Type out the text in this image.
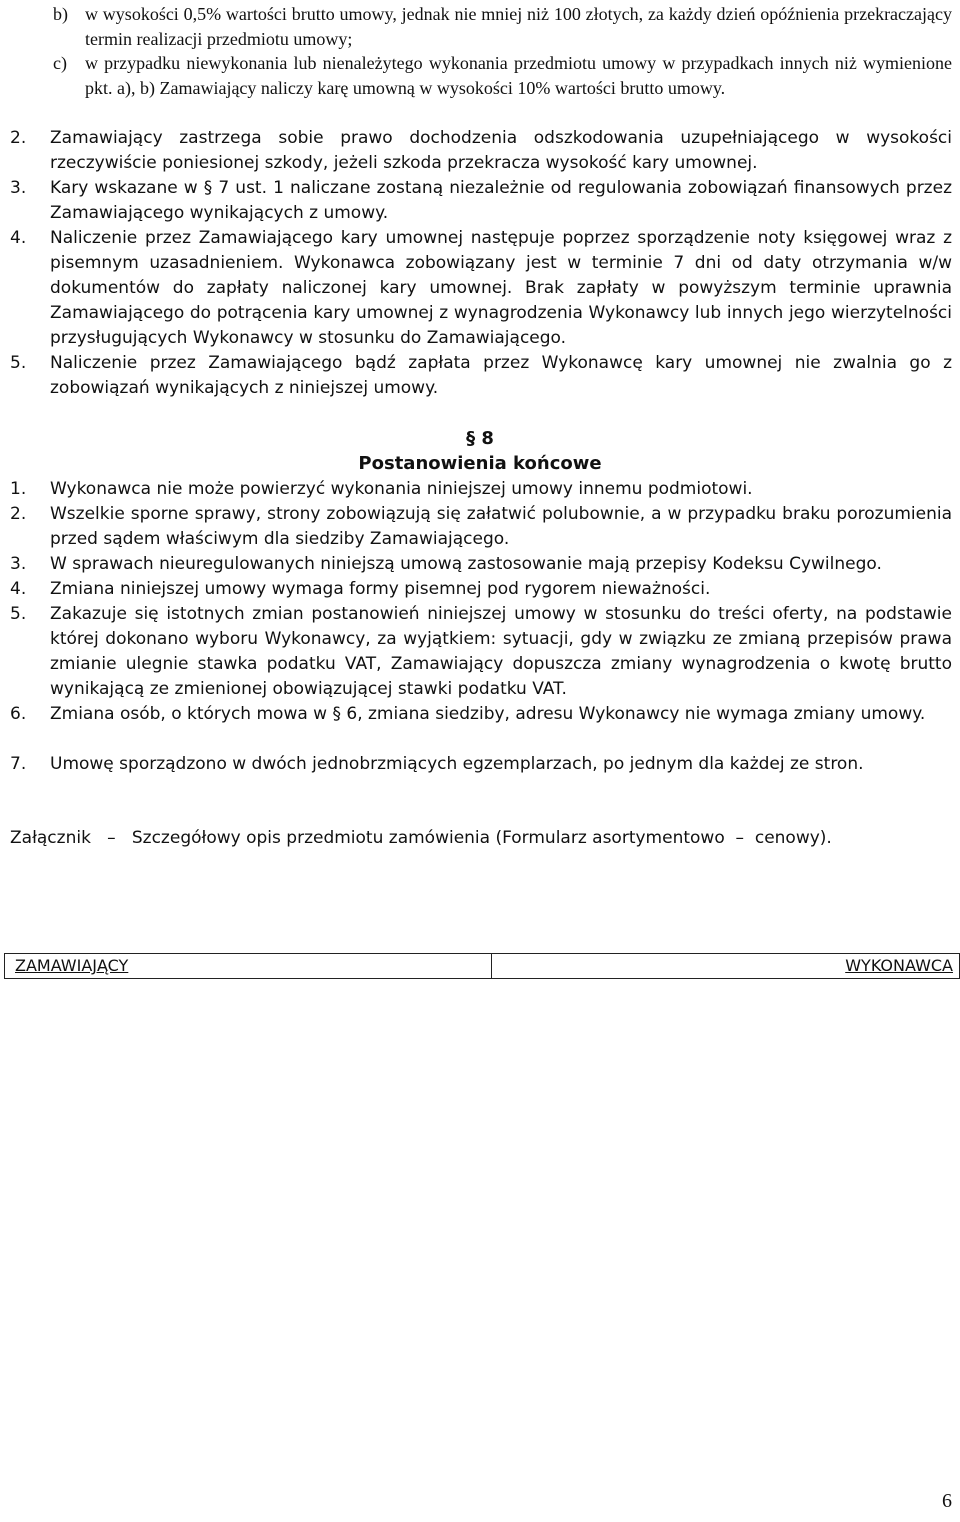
b) w wysokości 0,5% wartości brutto umowy, jednak nie mniej niż 100 złotych, za każdy dzień opóźnienia przekraczający termin realizacji przedmiotu umowy;
c) w przypadku niewykonania lub nienależytego wykonania przedmiotu umowy w przypadkach innych niż wymienione pkt. a), b) Zamawiający naliczy karę umowną w wysokości 10% wartości brutto umowy.
2. Zamawiający zastrzega sobie prawo dochodzenia odszkodowania uzupełniającego w wysokości rzeczywiście poniesionej szkody, jeżeli szkoda przekracza wysokość kary umownej.
3. Kary wskazane w § 7 ust. 1 naliczane zostaną niezależnie od regulowania zobowiązań finansowych przez Zamawiającego wynikających z umowy.
4. Naliczenie przez Zamawiającego kary umownej następuje poprzez sporządzenie noty księgowej wraz z pisemnym uzasadnieniem. Wykonawca zobowiązany jest w terminie 7 dni od daty otrzymania w/w dokumentów do zapłaty naliczonej kary umownej. Brak zapłaty w powyższym terminie uprawnia Zamawiającego do potrącenia kary umownej z wynagrodzenia Wykonawcy lub innych jego wierzytelności przysługujących Wykonawcy w stosunku do Zamawiającego.
5. Naliczenie przez Zamawiającego bądź zapłata przez Wykonawcę kary umownej nie zwalnia go z zobowiązań wynikających z niniejszej umowy.
§ 8
Postanowienia końcowe
1. Wykonawca nie może powierzyć wykonania niniejszej umowy innemu podmiotowi.
2. Wszelkie sporne sprawy, strony zobowiązują się załatwić polubownie, a w przypadku braku porozumienia przed sądem właściwym dla siedziby Zamawiającego.
3. W sprawach nieuregulowanych niniejszą umową zastosowanie mają przepisy Kodeksu Cywilnego.
4. Zmiana niniejszej umowy wymaga formy pisemnej pod rygorem nieważności.
5. Zakazuje się istotnych zmian postanowień niniejszej umowy w stosunku do treści oferty, na podstawie której dokonano wyboru Wykonawcy, za wyjątkiem: sytuacji, gdy w związku ze zmianą przepisów prawa zmianie ulegnie stawka podatku VAT, Zamawiający dopuszcza zmiany wynagrodzenia o kwotę brutto wynikającą ze zmienionej obowiązującej stawki podatku VAT.
6. Zmiana osób, o których mowa w § 6, zmiana siedziby, adresu Wykonawcy nie wymaga zmiany umowy.
7. Umowę sporządzono w dwóch jednobrzmiących egzemplarzach, po jednym dla każdej ze stron.
Załącznik – Szczegółowy opis przedmiotu zamówienia (Formularz asortymentowo – cenowy).
ZAMAWIAJĄCY	WYKONAWCA
6
